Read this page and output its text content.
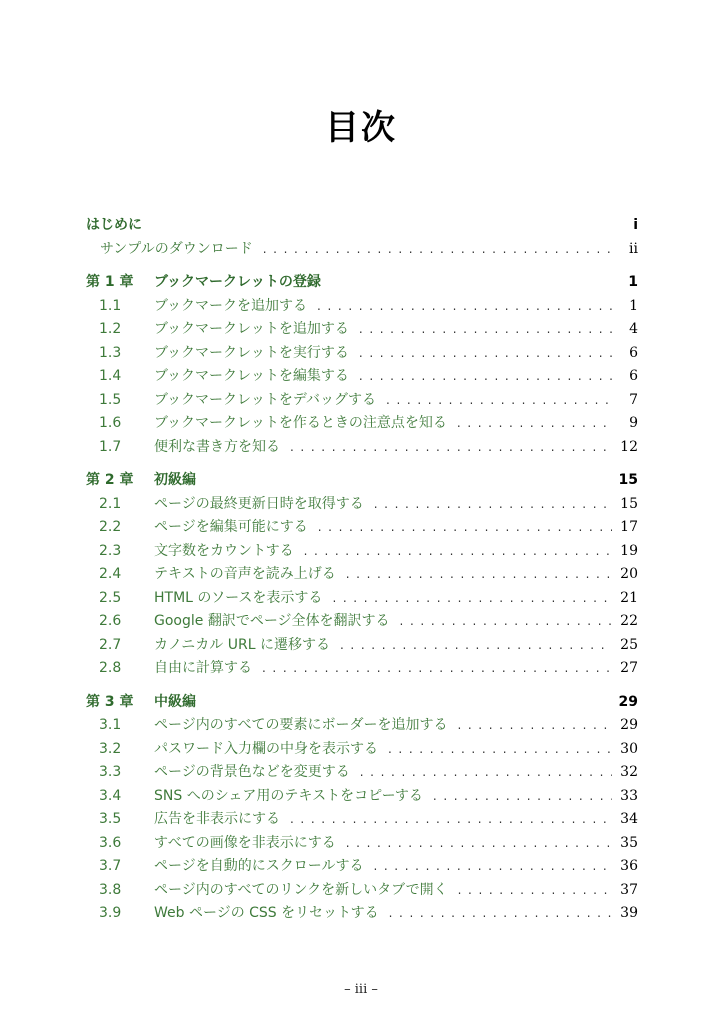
目次
はじめに	i
サンプルのダウンロード . . .	ii
第 1 章	ブックマークレットの登録	1
1.1	ブックマークを追加する . . .	1
1.2	ブックマークレットを追加する . . .	4
1.3	ブックマークレットを実行する . . .	6
1.4	ブックマークレットを編集する . . .	6
1.5	ブックマークレットをデバッグする . . .	7
1.6	ブックマークレットを作るときの注意点を知る . . .	9
1.7	便利な書き方を知る . . .	12
第 2 章	初級編	15
2.1	ページの最終更新日時を取得する . . .	15
2.2	ページを編集可能にする . . .	17
2.3	文字数をカウントする . . .	19
2.4	テキストの音声を読み上げる . . .	20
2.5	HTML のソースを表示する . . .	21
2.6	Google 翻訳でページ全体を翻訳する . . .	22
2.7	カノニカル URL に遷移する . . .	25
2.8	自由に計算する . . .	27
第 3 章	中級編	29
3.1	ページ内のすべての要素にボーダーを追加する . . .	29
3.2	パスワード入力欄の中身を表示する . . .	30
3.3	ページの背景色などを変更する . . .	32
3.4	SNS へのシェア用のテキストをコピーする . . .	33
3.5	広告を非表示にする . . .	34
3.6	すべての画像を非表示にする . . .	35
3.7	ページを自動的にスクロールする . . .	36
3.8	ページ内のすべてのリンクを新しいタブで開く . . .	37
3.9	Web ページの CSS をリセットする . . .	39
– iii –
